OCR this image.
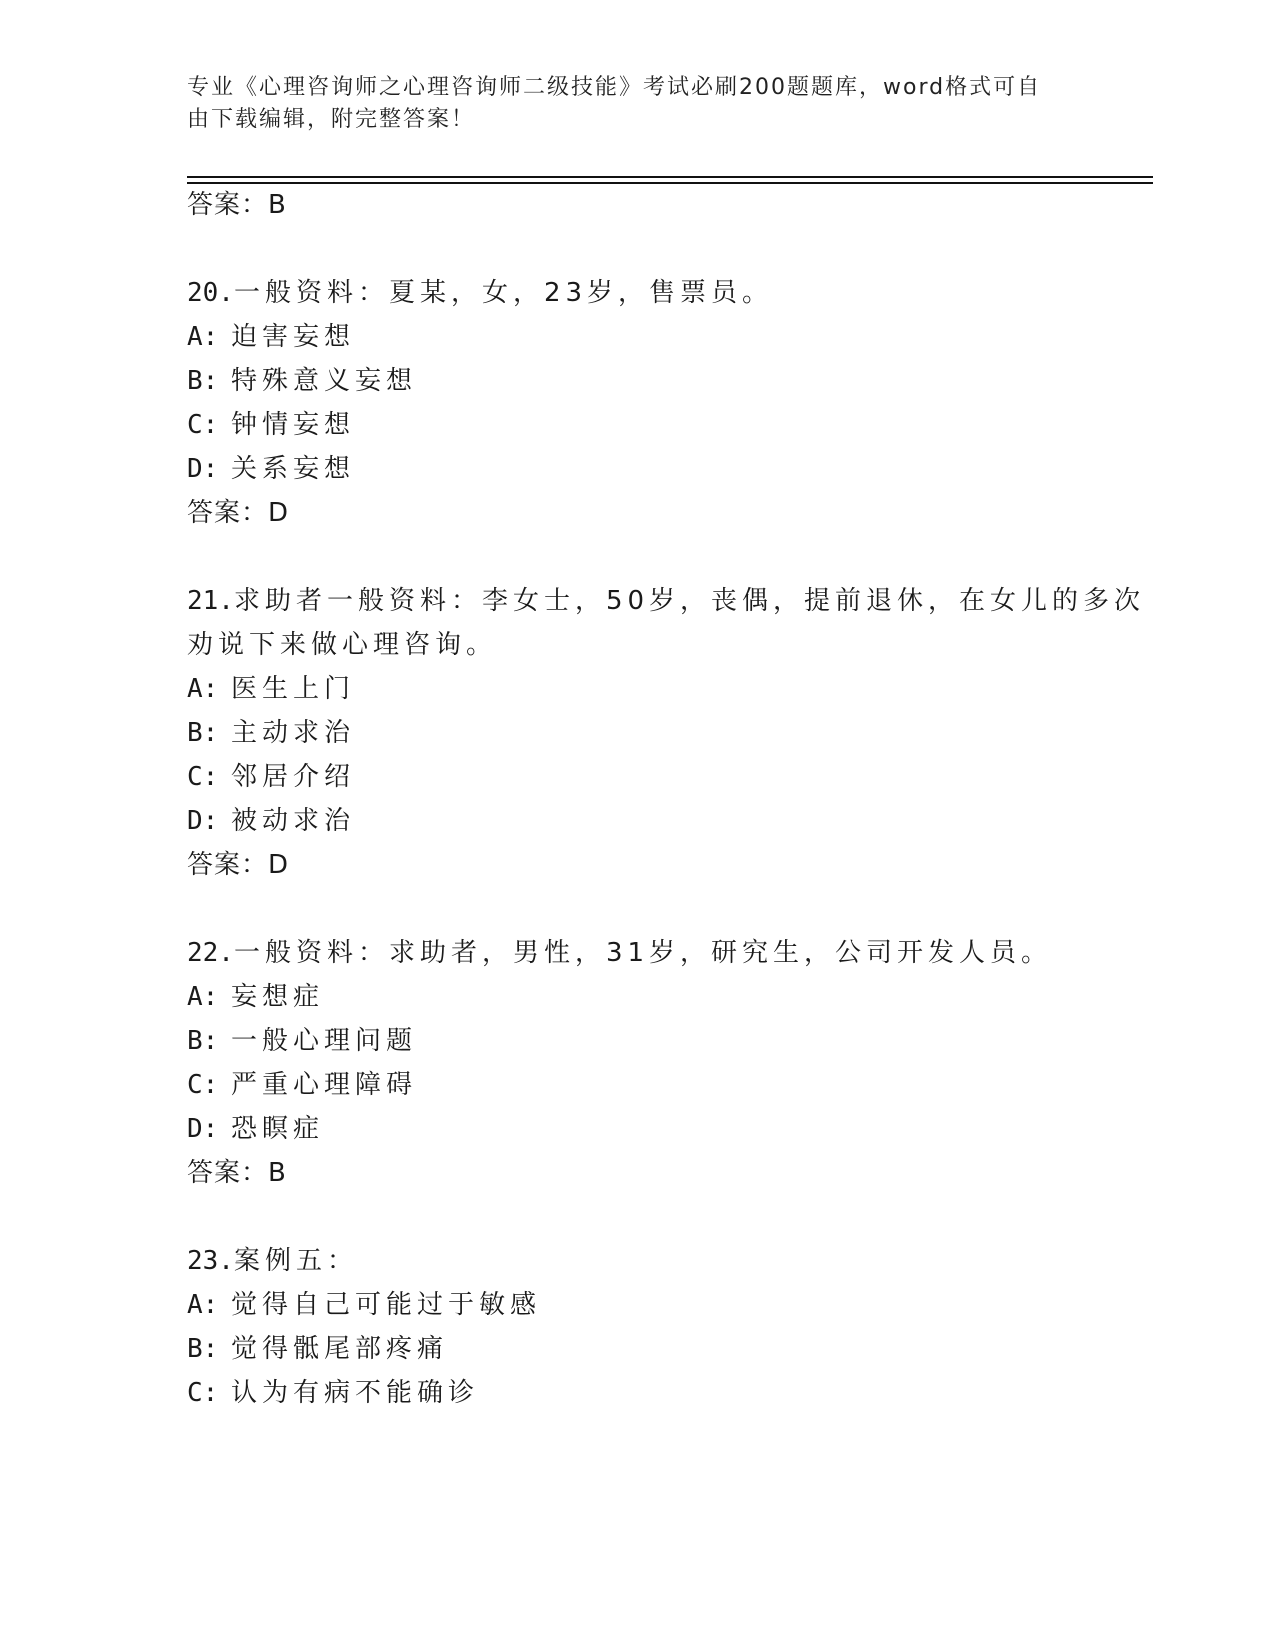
专业《心理咨询师之心理咨询师二级技能》考试必刷200题题库，word格式可自
由下载编辑，附完整答案！
答案：B
20.一般资料：夏某，女，23岁，售票员。
A: 迫害妄想
B: 特殊意义妄想
C: 钟情妄想
D: 关系妄想
答案：D
21.求助者一般资料：李女士，50岁，丧偶，提前退休，在女儿的多次
劝说下来做心理咨询。
A: 医生上门
B: 主动求治
C: 邻居介绍
D: 被动求治
答案：D
22.一般资料：求助者，男性，31岁，研究生，公司开发人员。
A: 妄想症
B: 一般心理问题
C: 严重心理障碍
D: 恐瞑症
答案：B
23.案例五：
A: 觉得自己可能过于敏感
B: 觉得骶尾部疼痛
C: 认为有病不能确诊
